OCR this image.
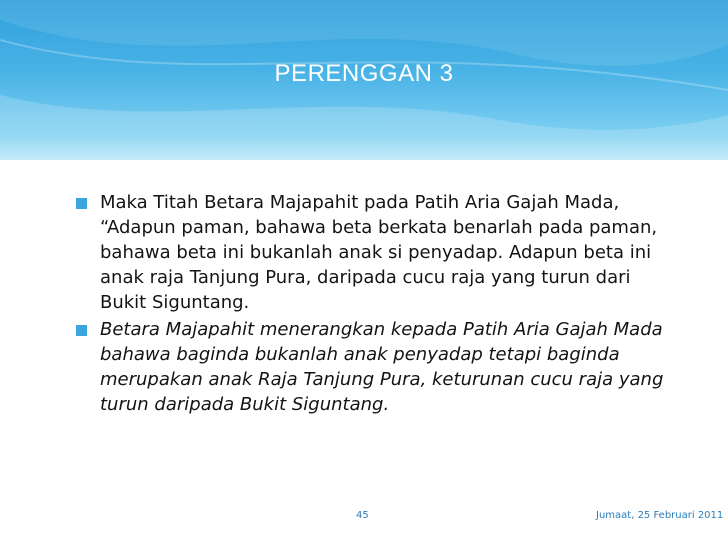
PERENGGAN 3
Maka Titah Betara Majapahit pada Patih Aria Gajah Mada, “Adapun paman, bahawa beta berkata benarlah pada paman, bahawa beta ini bukanlah anak si penyadap. Adapun beta ini anak raja Tanjung Pura, daripada cucu raja yang turun dari Bukit Siguntang.
Betara Majapahit menerangkan kepada Patih Aria Gajah Mada bahawa baginda bukanlah anak penyadap tetapi baginda merupakan anak Raja Tanjung Pura, keturunan cucu raja yang turun daripada Bukit Siguntang.
45	Jumaat, 25 Februari 2011
